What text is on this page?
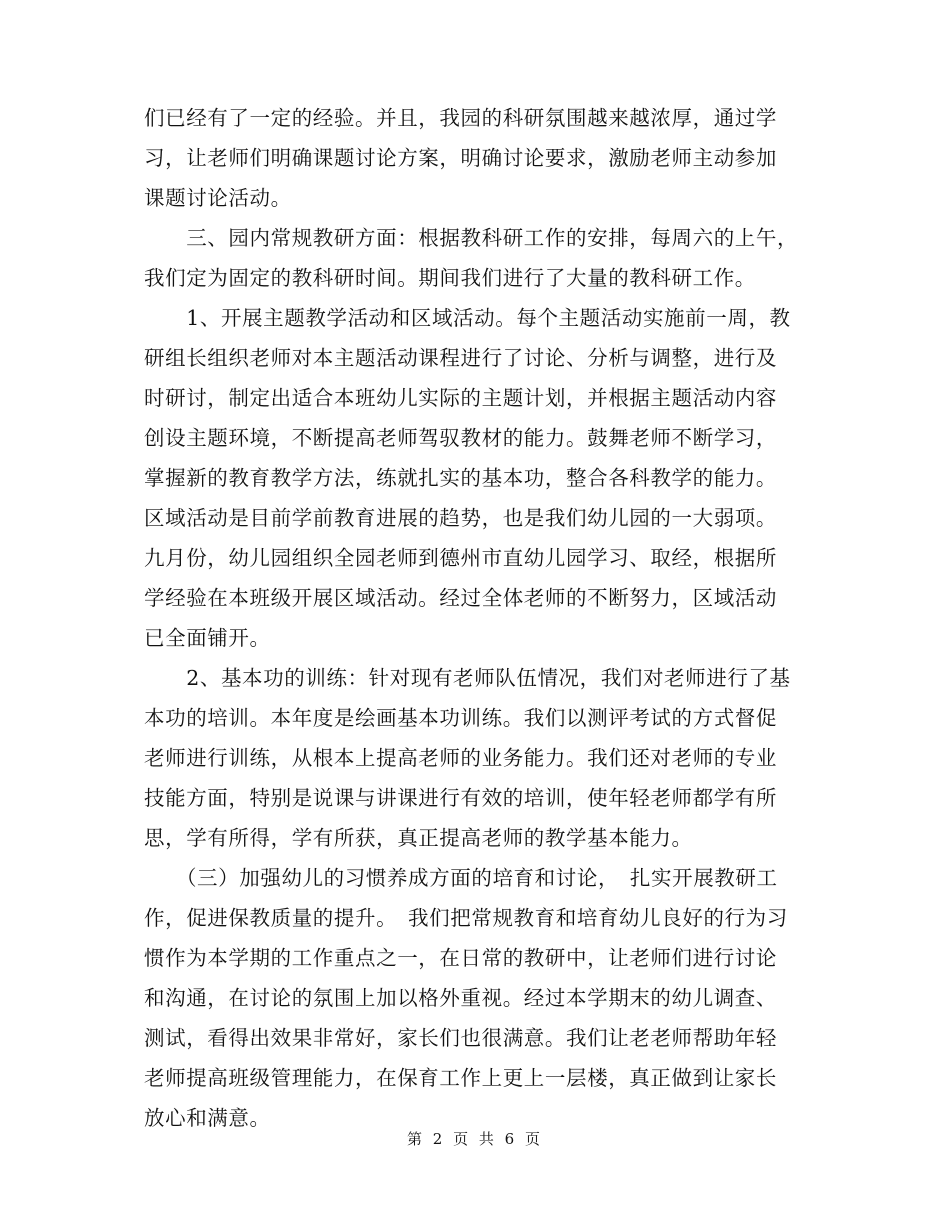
们已经有了一定的经验。并且，我园的科研氛围越来越浓厚，通过学
习，让老师们明确课题讨论方案，明确讨论要求，激励老师主动参加
课题讨论活动。
　　三、园内常规教研方面：根据教科研工作的安排，每周六的上午，
我们定为固定的教科研时间。期间我们进行了大量的教科研工作。
　　1、开展主题教学活动和区域活动。每个主题活动实施前一周，教
研组长组织老师对本主题活动课程进行了讨论、分析与调整，进行及
时研讨，制定出适合本班幼儿实际的主题计划，并根据主题活动内容
创设主题环境，不断提高老师驾驭教材的能力。鼓舞老师不断学习，
掌握新的教育教学方法，练就扎实的基本功，整合各科教学的能力。
区域活动是目前学前教育进展的趋势，也是我们幼儿园的一大弱项。
九月份，幼儿园组织全园老师到德州市直幼儿园学习、取经，根据所
学经验在本班级开展区域活动。经过全体老师的不断努力，区域活动
已全面铺开。
　　2、基本功的训练：针对现有老师队伍情况，我们对老师进行了基
本功的培训。本年度是绘画基本功训练。我们以测评考试的方式督促
老师进行训练，从根本上提高老师的业务能力。我们还对老师的专业
技能方面，特别是说课与讲课进行有效的培训，使年轻老师都学有所
思，学有所得，学有所获，真正提高老师的教学基本能力。
　　（三）加强幼儿的习惯养成方面的培育和讨论，　扎实开展教研工
作，促进保教质量的提升。　我们把常规教育和培育幼儿良好的行为习
惯作为本学期的工作重点之一，在日常的教研中，让老师们进行讨论
和沟通，在讨论的氛围上加以格外重视。经过本学期末的幼儿调查、
测试，看得出效果非常好，家长们也很满意。我们让老老师帮助年轻
老师提高班级管理能力，在保育工作上更上一层楼，真正做到让家长
放心和满意。
第 2 页 共 6 页
